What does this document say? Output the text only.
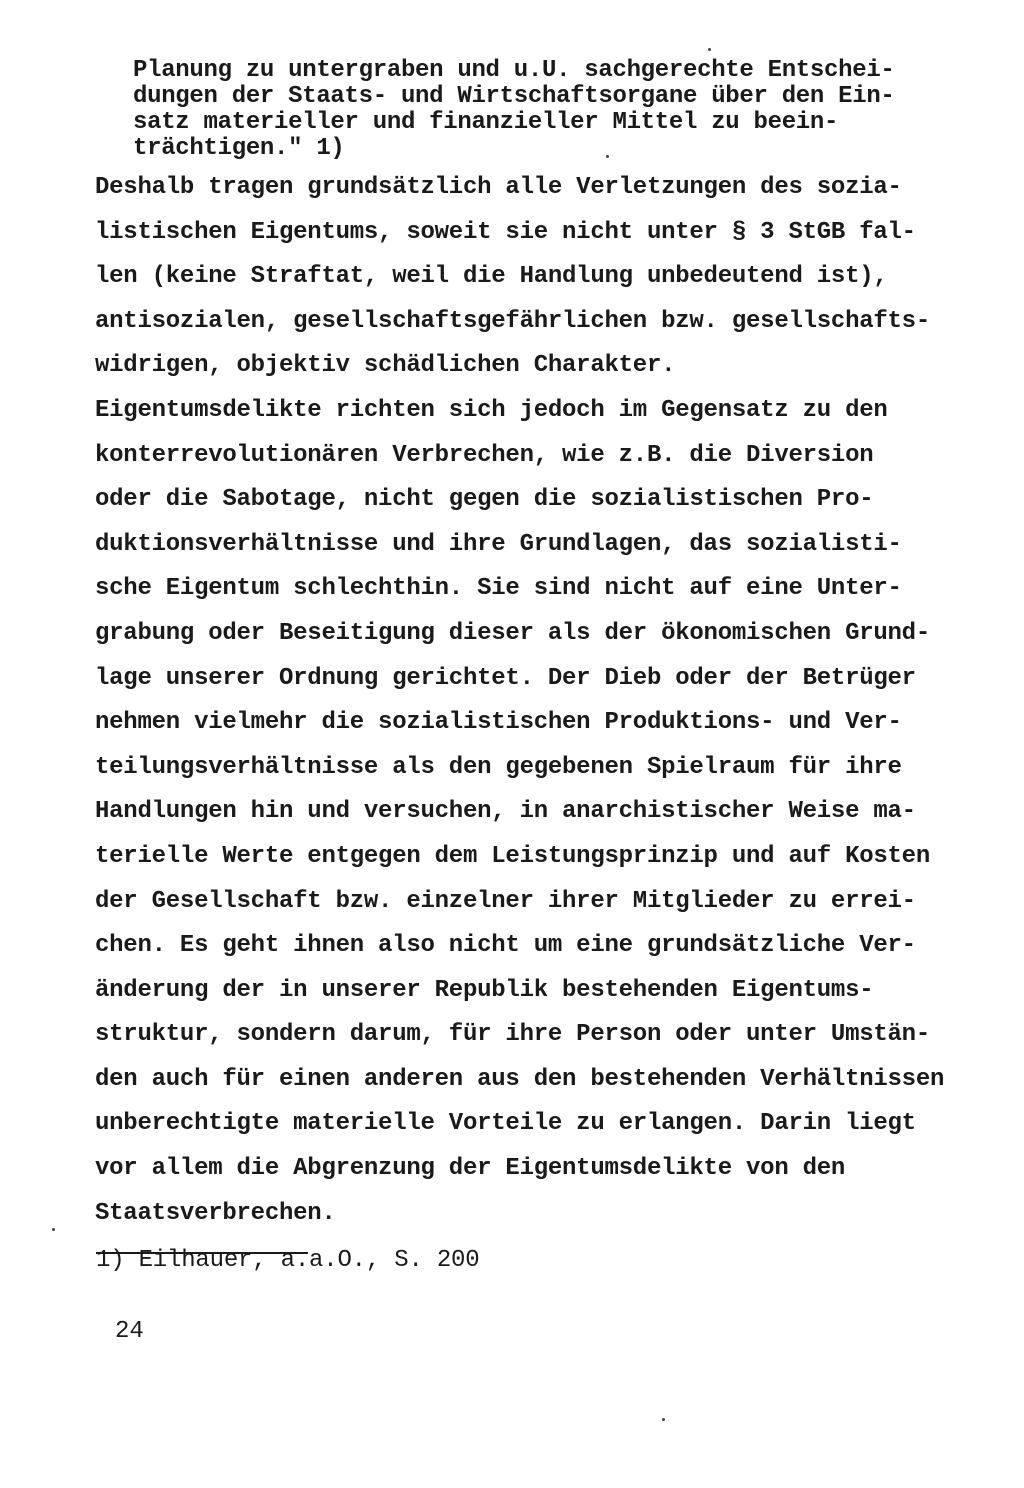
Planung zu untergraben und u.U. sachgerechte Entschei-
dungen der Staats- und Wirtschaftsorgane über den Ein-
satz materieller und finanzieller Mittel zu beein-
trächtigen." 1)
Deshalb tragen grundsätzlich alle Verletzungen des sozia-
listischen Eigentums, soweit sie nicht unter § 3 StGB fal-
len (keine Straftat, weil die Handlung unbedeutend ist),
antisozialen, gesellschaftsgefährlichen bzw. gesellschafts-
widrigen, objektiv schädlichen Charakter.
Eigentumsdelikte richten sich jedoch im Gegensatz zu den
konterrevolutionären Verbrechen, wie z.B. die Diversion
oder die Sabotage, nicht gegen die sozialistischen Pro-
duktionsverhältnisse und ihre Grundlagen, das sozialisti-
sche Eigentum schlechthin. Sie sind nicht auf eine Unter-
grabung oder Beseitigung dieser als der ökonomischen Grund-
lage unserer Ordnung gerichtet. Der Dieb oder der Betrüger
nehmen vielmehr die sozialistischen Produktions- und Ver-
teilungsverhältnisse als den gegebenen Spielraum für ihre
Handlungen hin und versuchen, in anarchistischer Weise ma-
terielle Werte entgegen dem Leistungsprinzip und auf Kosten
der Gesellschaft bzw. einzelner ihrer Mitglieder zu errei-
chen. Es geht ihnen also nicht um eine grundsätzliche Ver-
änderung der in unserer Republik bestehenden Eigentums-
struktur, sondern darum, für ihre Person oder unter Umstän-
den auch für einen anderen aus den bestehenden Verhältnissen
unberechtigte materielle Vorteile zu erlangen. Darin liegt
vor allem die Abgrenzung der Eigentumsdelikte von den
Staatsverbrechen.
1) Eilhauer, a.a.O., S. 200
24
